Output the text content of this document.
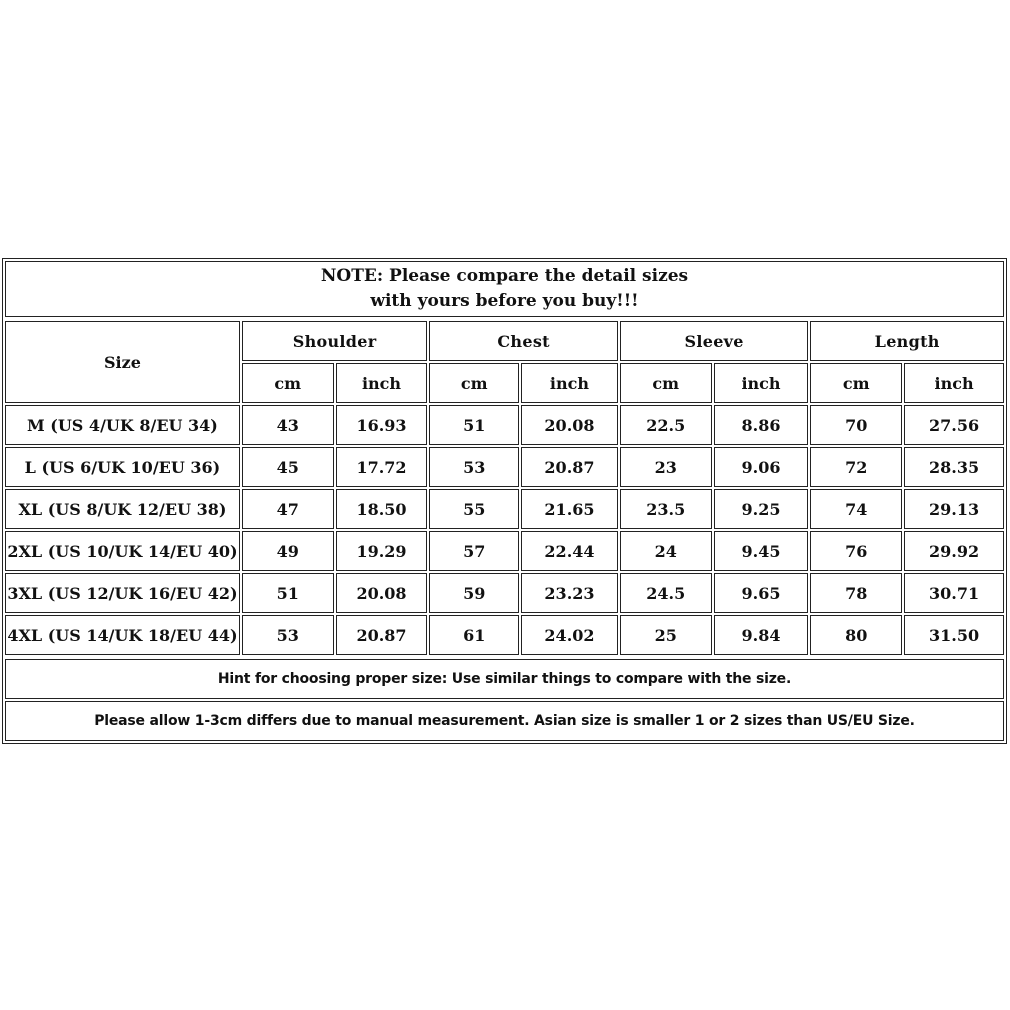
NOTE: Please compare the detail sizes
with yours before you buy!!!
Size	Shoulder		Chest		Sleeve		Length	
	cm	inch	cm	inch	cm	inch	cm	inch
M (US 4/UK 8/EU 34)	43	16.93	51	20.08	22.5	8.86	70	27.56
L (US 6/UK 10/EU 36)	45	17.72	53	20.87	23	9.06	72	28.35
XL (US 8/UK 12/EU 38)	47	18.50	55	21.65	23.5	9.25	74	29.13
2XL (US 10/UK 14/EU 40)	49	19.29	57	22.44	24	9.45	76	29.92
3XL (US 12/UK 16/EU 42)	51	20.08	59	23.23	24.5	9.65	78	30.71
4XL (US 14/UK 18/EU 44)	53	20.87	61	24.02	25	9.84	80	31.50
Hint for choosing proper size: Use similar things to compare with the size.
Please allow 1-3cm differs due to manual measurement. Asian size is smaller 1 or 2 sizes than US/EU Size.
